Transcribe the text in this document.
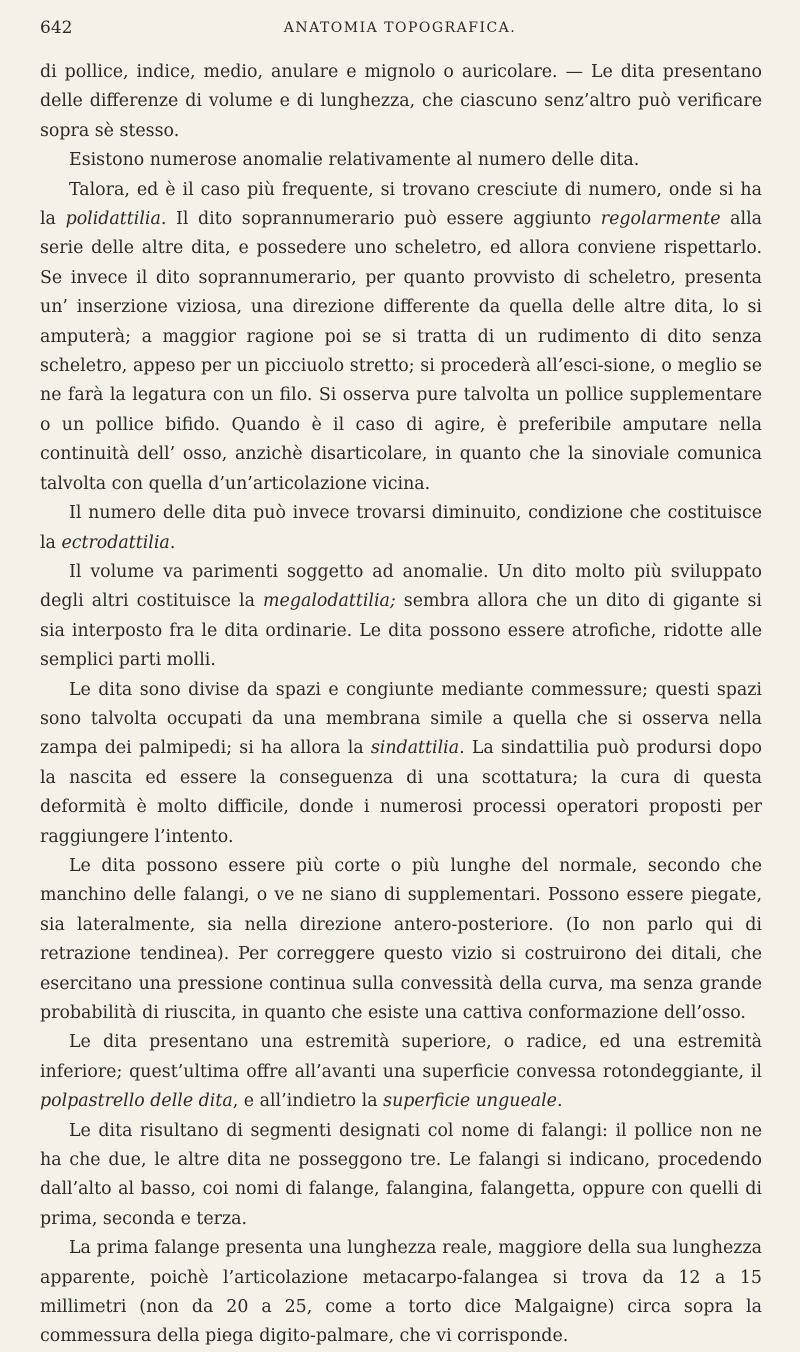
642	ANATOMIA TOPOGRAFICA.

di pollice, indice, medio, anulare e mignolo o auricolare. — Le dita presentano delle differenze di volume e di lunghezza, che ciascuno senz’altro può verificare sopra sè stesso.

Esistono numerose anomalie relativamente al numero delle dita.

Talora, ed è il caso più frequente, si trovano cresciute di numero, onde si ha la polidattilia. Il dito soprannumerario può essere aggiunto regolarmente alla serie delle altre dita, e possedere uno scheletro, ed allora conviene rispettarlo. Se invece il dito soprannumerario, per quanto provvisto di scheletro, presenta un’ inserzione viziosa, una direzione differente da quella delle altre dita, lo si amputerà; a maggior ragione poi se si tratta di un rudimento di dito senza scheletro, appeso per un picciuolo stretto; si procederà all’esci-sione, o meglio se ne farà la legatura con un filo. Si osserva pure talvolta un pollice supplementare o un pollice bifido. Quando è il caso di agire, è preferibile amputare nella continuità dell’ osso, anzichè disarticolare, in quanto che la sinoviale comunica talvolta con quella d’un’articolazione vicina.

Il numero delle dita può invece trovarsi diminuito, condizione che costituisce la ectrodattilia.

Il volume va parimenti soggetto ad anomalie. Un dito molto più sviluppato degli altri costituisce la megalodattilia; sembra allora che un dito di gigante si sia interposto fra le dita ordinarie. Le dita possono essere atrofiche, ridotte alle semplici parti molli.

Le dita sono divise da spazi e congiunte mediante commessure; questi spazi sono talvolta occupati da una membrana simile a quella che si osserva nella zampa dei palmipedi; si ha allora la sindattilia. La sindattilia può prodursi dopo la nascita ed essere la conseguenza di una scottatura; la cura di questa deformità è molto difficile, donde i numerosi processi operatori proposti per raggiungere l’intento.

Le dita possono essere più corte o più lunghe del normale, secondo che manchino delle falangi, o ve ne siano di supplementari. Possono essere piegate, sia lateralmente, sia nella direzione antero-posteriore. (Io non parlo qui di retrazione tendinea). Per correggere questo vizio si costruirono dei ditali, che esercitano una pressione continua sulla convessità della curva, ma senza grande probabilità di riuscita, in quanto che esiste una cattiva conformazione dell’osso.

Le dita presentano una estremità superiore, o radice, ed una estremità inferiore; quest’ultima offre all’avanti una superficie convessa rotondeggiante, il polpastrello delle dita, e all’indietro la superficie ungueale.

Le dita risultano di segmenti designati col nome di falangi: il pollice non ne ha che due, le altre dita ne posseggono tre. Le falangi si indicano, procedendo dall’alto al basso, coi nomi di falange, falangina, falangetta, oppure con quelli di prima, seconda e terza.

La prima falange presenta una lunghezza reale, maggiore della sua lunghezza apparente, poichè l’articolazione metacarpo-falangea si trova da 12 a 15 millimetri (non da 20 a 25, come a torto dice Malgaigne) circa sopra la commessura della piega digito-palmare, che vi corrisponde.
